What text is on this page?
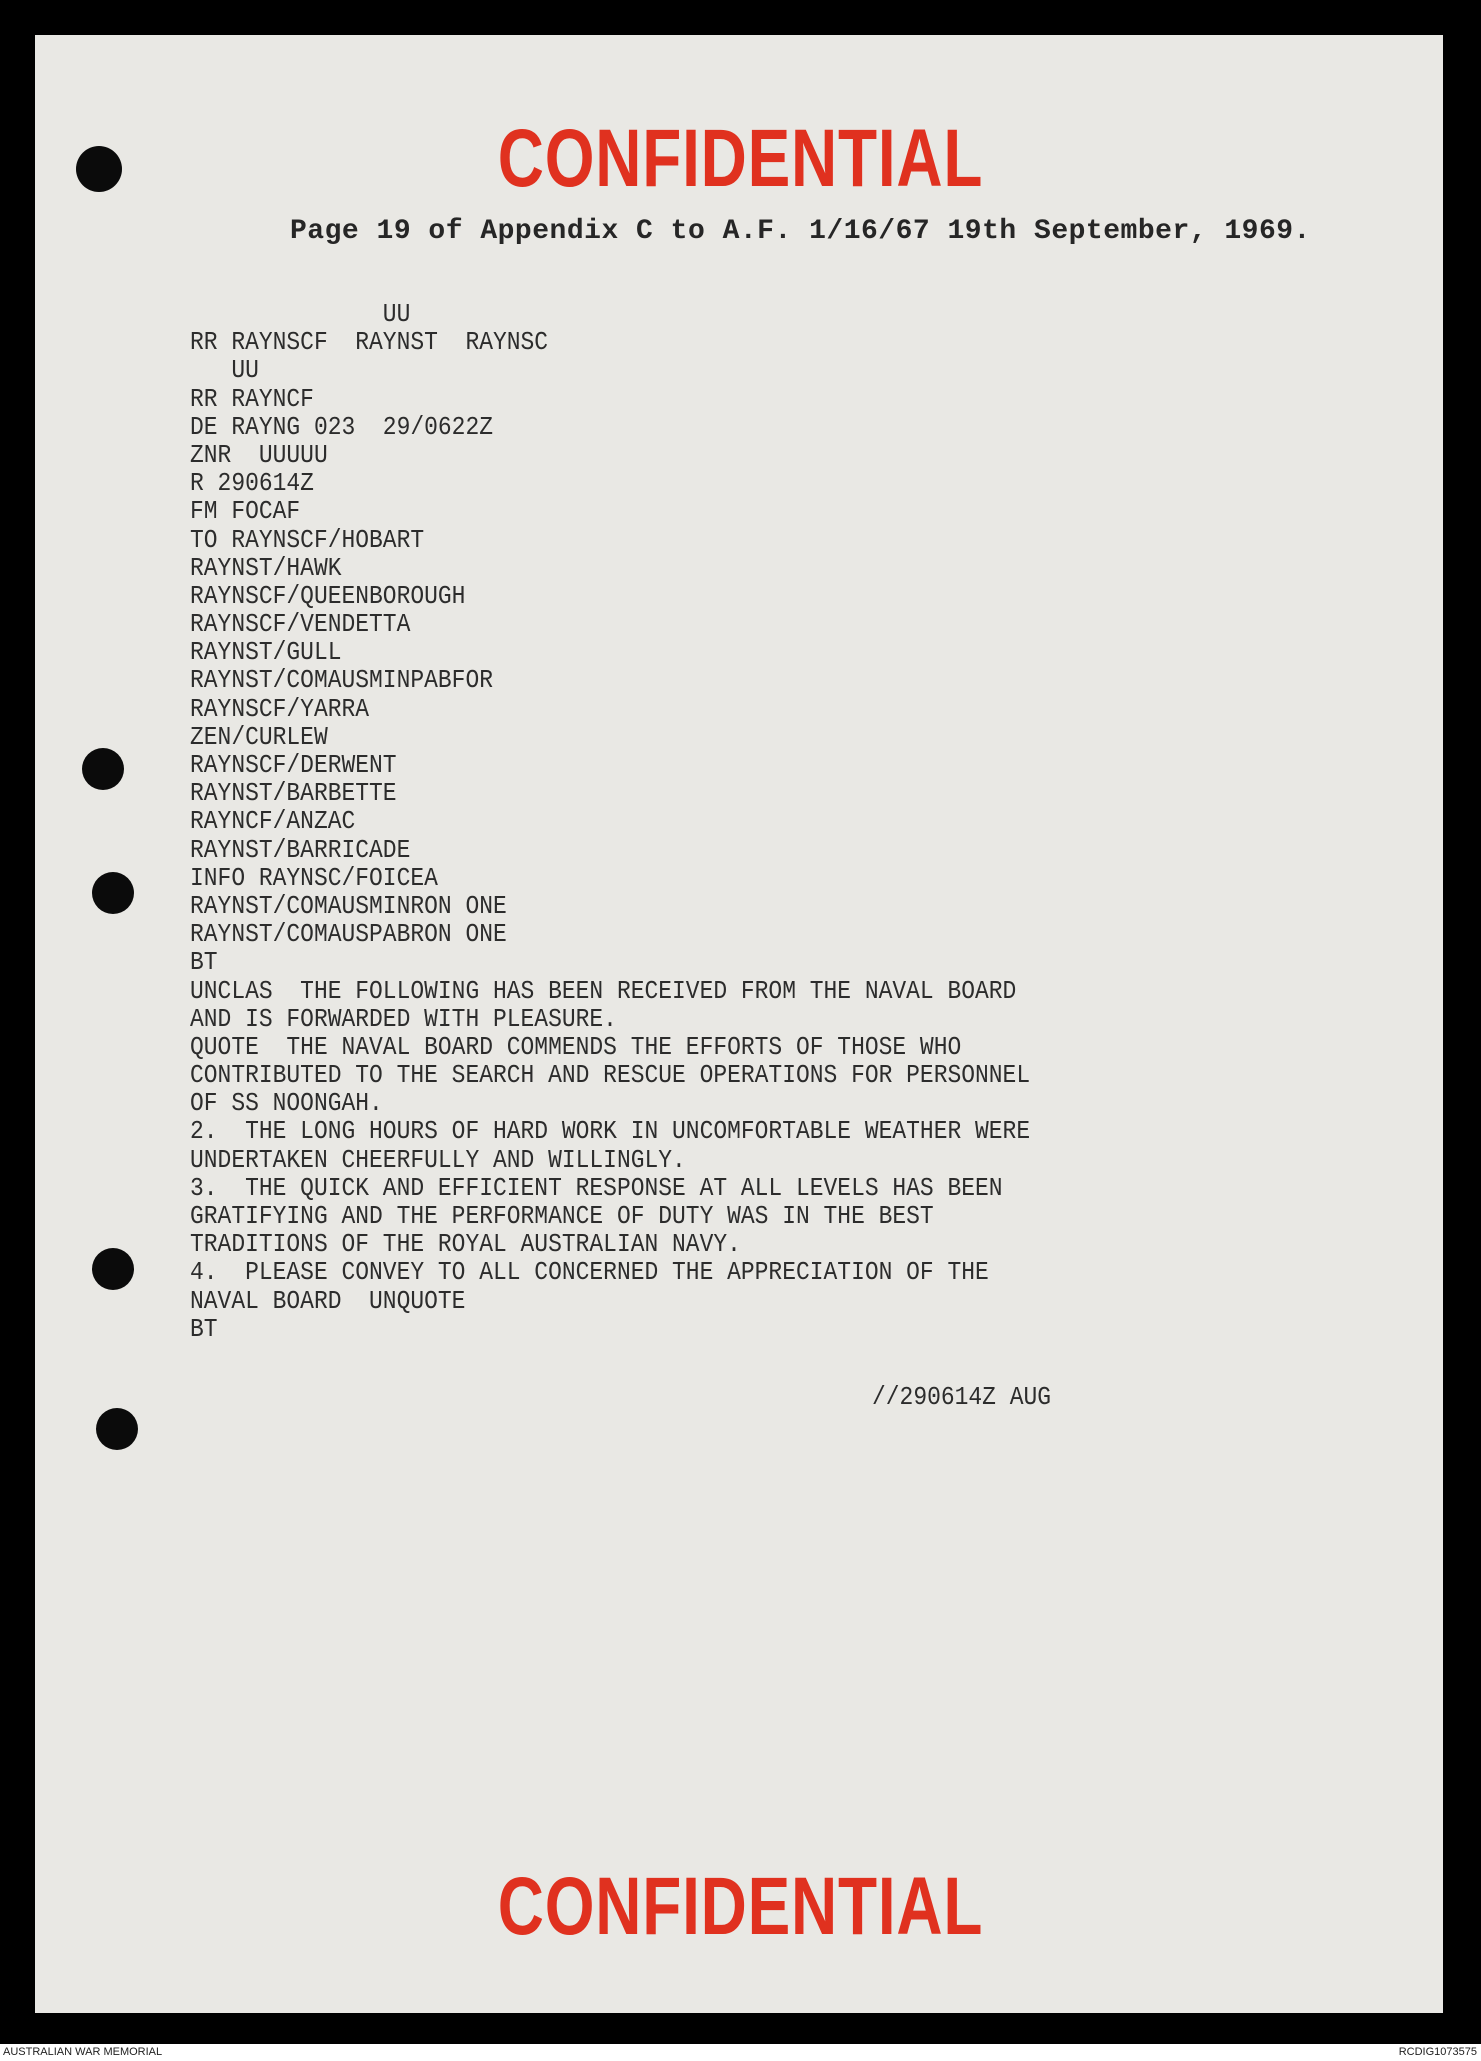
CONFIDENTIAL
Page 19 of Appendix C to A.F. 1/16/67 19th September, 1969.
UU
RR RAYNSCF  RAYNST  RAYNSC
UU
RR RAYNCF
DE RAYNG 023  29/0622Z
ZNR  UUUUU
R 290614Z
FM FOCAF
TO RAYNSCF/HOBART
RAYNST/HAWK
RAYNSCF/QUEENBOROUGH
RAYNSCF/VENDETTA
RAYNST/GULL
RAYNST/COMAUSMINPABFOR
RAYNSCF/YARRA
ZEN/CURLEW
RAYNSCF/DERWENT
RAYNST/BARBETTE
RAYNCF/ANZAC
RAYNST/BARRICADE
INFO RAYNSC/FOICEA
RAYNST/COMAUSMINRON ONE
RAYNST/COMAUSPABRON ONE
BT
UNCLAS  THE FOLLOWING HAS BEEN RECEIVED FROM THE NAVAL BOARD
AND IS FORWARDED WITH PLEASURE.
QUOTE  THE NAVAL BOARD COMMENDS THE EFFORTS OF THOSE WHO
CONTRIBUTED TO THE SEARCH AND RESCUE OPERATIONS FOR PERSONNEL
OF SS NOONGAH.
2.  THE LONG HOURS OF HARD WORK IN UNCOMFORTABLE WEATHER WERE
UNDERTAKEN CHEERFULLY AND WILLINGLY.
3.  THE QUICK AND EFFICIENT RESPONSE AT ALL LEVELS HAS BEEN
GRATIFYING AND THE PERFORMANCE OF DUTY WAS IN THE BEST
TRADITIONS OF THE ROYAL AUSTRALIAN NAVY.
4.  PLEASE CONVEY TO ALL CONCERNED THE APPRECIATION OF THE
NAVAL BOARD  UNQUOTE
BT
//290614Z AUG
CONFIDENTIAL
AUSTRALIAN WAR MEMORIAL	RCDIG1073575
